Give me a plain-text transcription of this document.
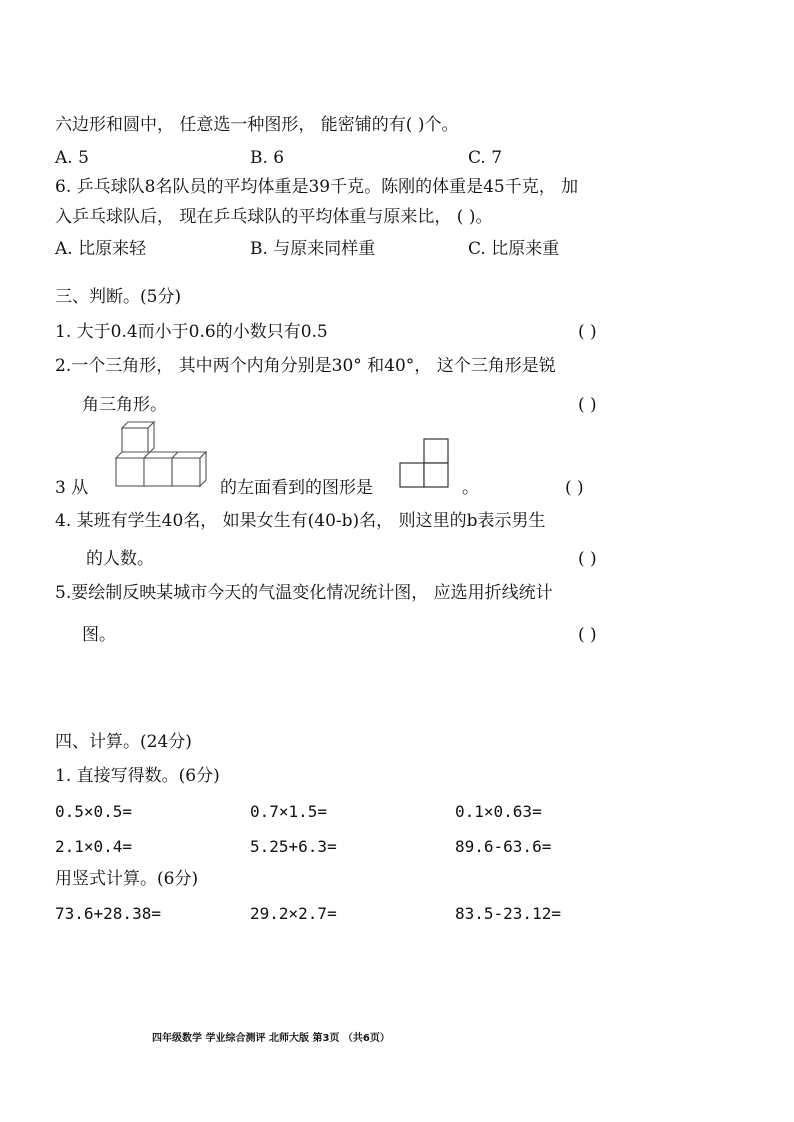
六边形和圆中， 任意选一种图形， 能密铺的有( )个。
A. 5	B. 6	C. 7
6. 乒乓球队8名队员的平均体重是39千克。陈刚的体重是45千克， 加
入乒乓球队后， 现在乒乓球队的平均体重与原来比， ( )。
A. 比原来轻	B. 与原来同样重	C. 比原来重
三、判断。(5分)
1. 大于0.4而小于0.6的小数只有0.5	( )
2.一个三角形， 其中两个内角分别是30° 和40°， 这个三角形是锐
角三角形。	( )
3 从	的左面看到的图形是	。	( )
4. 某班有学生40名， 如果女生有(40-b)名， 则这里的b表示男生
的人数。	( )
5.要绘制反映某城市今天的气温变化情况统计图， 应选用折线统计
图。	( )
四、计算。(24分)
1. 直接写得数。(6分)
0.5×0.5=	0.7×1.5=	0.1×0.63=
2.1×0.4=	5.25+6.3=	89.6-63.6=
用竖式计算。(6分)
73.6+28.38=	29.2×2.7=	83.5-23.12=
四年级数学 学业综合测评 北师大版 第3页 （共6页）
